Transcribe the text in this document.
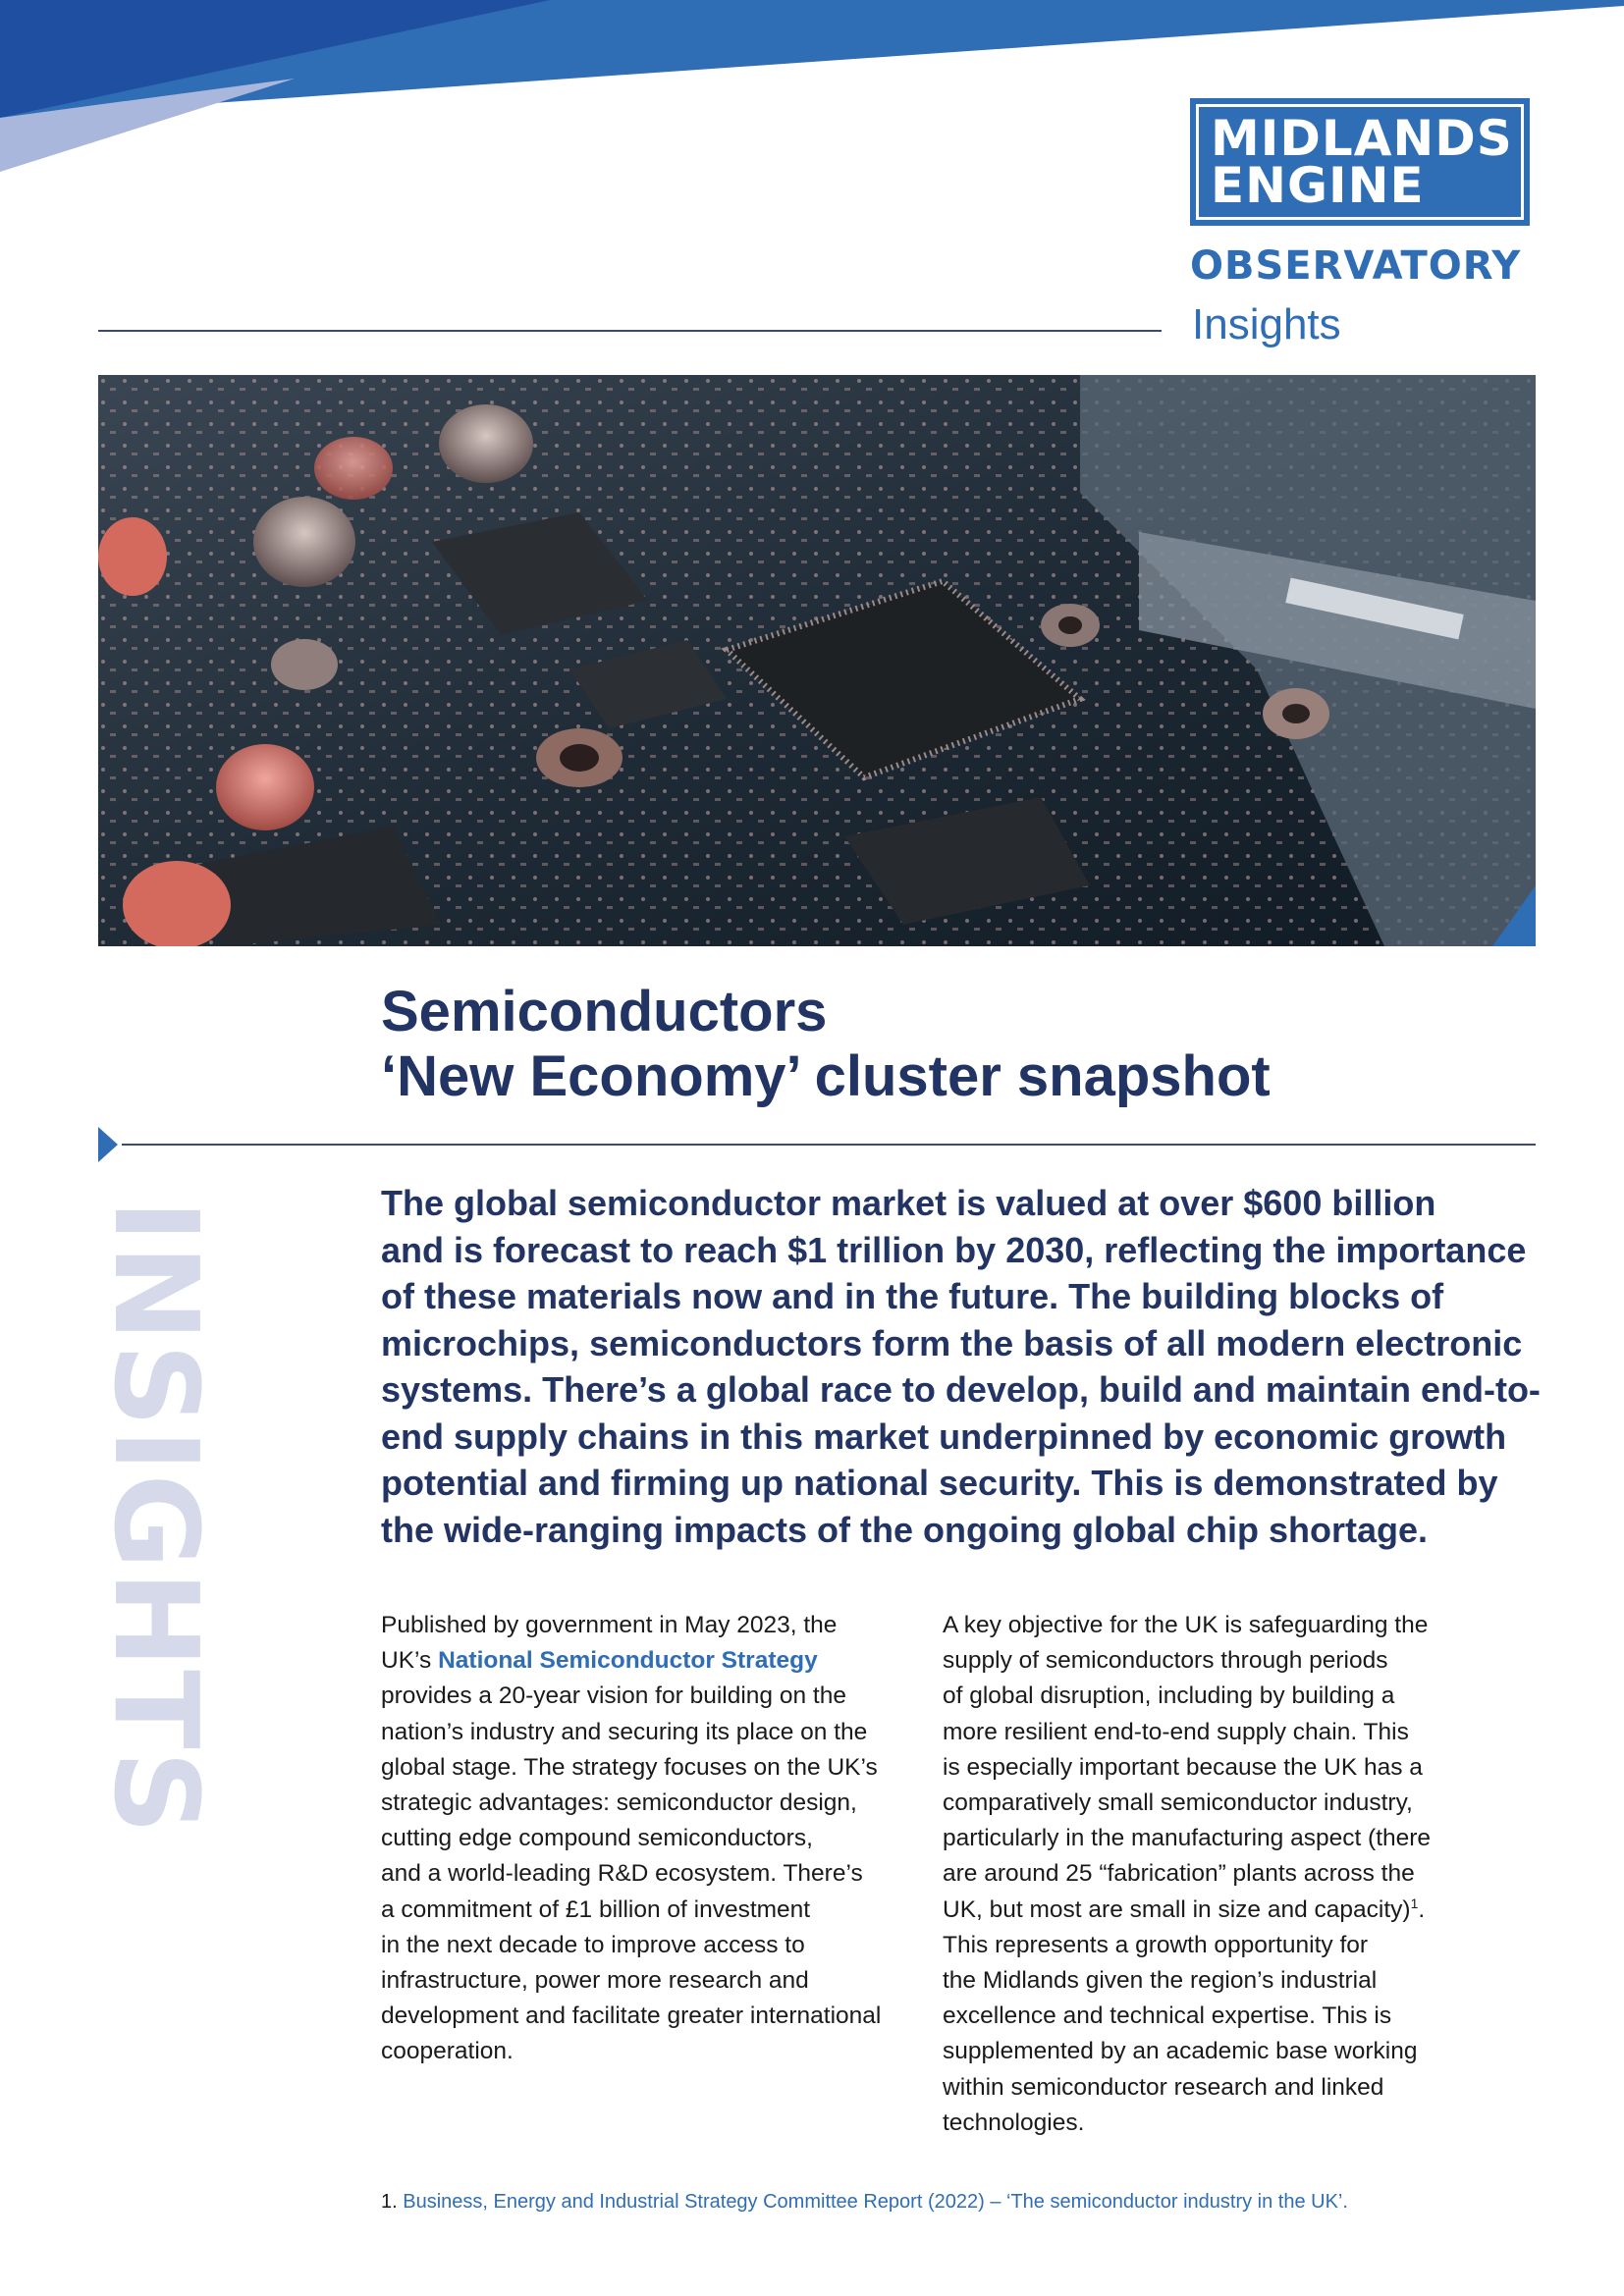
MIDLANDS
ENGINE
OBSERVATORY
Insights
Semiconductors
‘New Economy’ cluster snapshot
INSIGHTS	The global semiconductor market is valued at over $600 billion
and is forecast to reach $1 trillion by 2030, reflecting the importance
of these materials now and in the future. The building blocks of
microchips, semiconductors form the basis of all modern electronic
systems. There’s a global race to develop, build and maintain end-to-
end supply chains in this market underpinned by economic growth
potential and firming up national security. This is demonstrated by
the wide-ranging impacts of the ongoing global chip shortage.
Published by government in May 2023, the
UK’s National Semiconductor Strategy
provides a 20-year vision for building on the
nation’s industry and securing its place on the
global stage. The strategy focuses on the UK’s
strategic advantages: semiconductor design,
cutting edge compound semiconductors,
and a world-leading R&D ecosystem. There’s
a commitment of £1 billion of investment
in the next decade to improve access to
infrastructure, power more research and
development and facilitate greater international
cooperation.
A key objective for the UK is safeguarding the
supply of semiconductors through periods
of global disruption, including by building a
more resilient end-to-end supply chain. This
is especially important because the UK has a
comparatively small semiconductor industry,
particularly in the manufacturing aspect (there
are around 25 “fabrication” plants across the
UK, but most are small in size and capacity)$^1$.
This represents a growth opportunity for
the Midlands given the region’s industrial
excellence and technical expertise. This is
supplemented by an academic base working
within semiconductor research and linked
technologies.
1. Business, Energy and Industrial Strategy Committee Report (2022) – ‘The semiconductor industry in the UK’.
